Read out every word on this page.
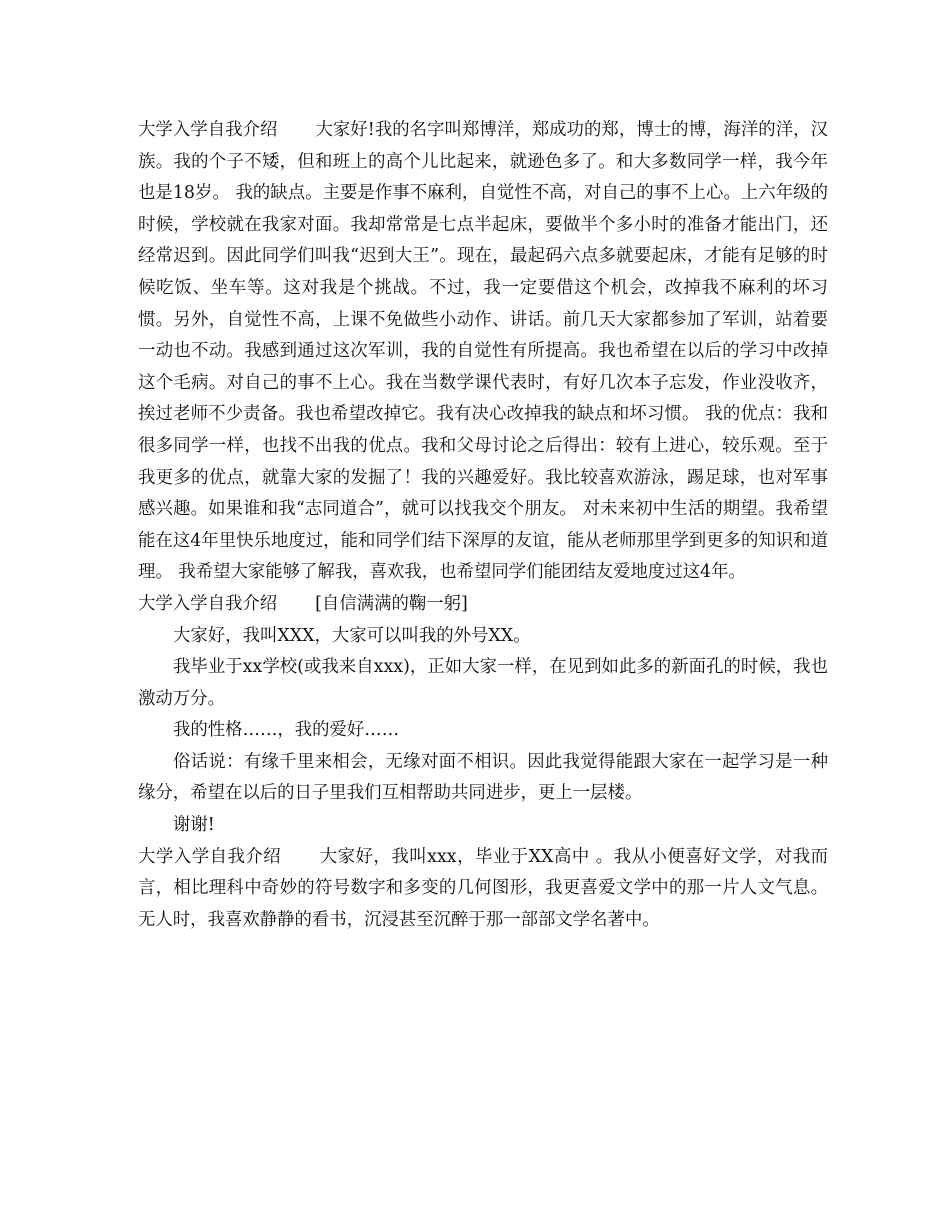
大学入学自我介绍 大家好!我的名字叫郑博洋，郑成功的郑，博士的博，海洋的洋，汉族。我的个子不矮，但和班上的高个儿比起来，就逊色多了。和大多数同学一样，我今年也是18岁。 我的缺点。主要是作事不麻利，自觉性不高，对自己的事不上心。上六年级的时候，学校就在我家对面。我却常常是七点半起床，要做半个多小时的准备才能出门，还经常迟到。因此同学们叫我“迟到大王”。现在，最起码六点多就要起床，才能有足够的时候吃饭、坐车等。这对我是个挑战。不过，我一定要借这个机会，改掉我不麻利的坏习惯。另外，自觉性不高，上课不免做些小动作、讲话。前几天大家都参加了军训，站着要一动也不动。我感到通过这次军训，我的自觉性有所提高。我也希望在以后的学习中改掉这个毛病。对自己的事不上心。我在当数学课代表时，有好几次本子忘发，作业没收齐，挨过老师不少责备。我也希望改掉它。我有决心改掉我的缺点和坏习惯。 我的优点：我和很多同学一样，也找不出我的优点。我和父母讨论之后得出：较有上进心，较乐观。至于我更多的优点，就靠大家的发掘了！我的兴趣爱好。我比较喜欢游泳，踢足球，也对军事感兴趣。如果谁和我“志同道合”，就可以找我交个朋友。 对未来初中生活的期望。我希望能在这4年里快乐地度过，能和同学们结下深厚的友谊，能从老师那里学到更多的知识和道理。 我希望大家能够了解我，喜欢我，也希望同学们能团结友爱地度过这4年。

大学入学自我介绍 [自信满满的鞠一躬]

大家好，我叫XXX，大家可以叫我的外号XX。

我毕业于xx学校(或我来自xxx)，正如大家一样，在见到如此多的新面孔的时候，我也激动万分。

我的性格……，我的爱好……

俗话说：有缘千里来相会，无缘对面不相识。因此我觉得能跟大家在一起学习是一种缘分，希望在以后的日子里我们互相帮助共同进步，更上一层楼。

谢谢!

大学入学自我介绍 大家好，我叫xxx，毕业于XX高中 。我从小便喜好文学，对我而言，相比理科中奇妙的符号数字和多变的几何图形，我更喜爱文学中的那一片人文气息。无人时，我喜欢静静的看书，沉浸甚至沉醉于那一部部文学名著中。
